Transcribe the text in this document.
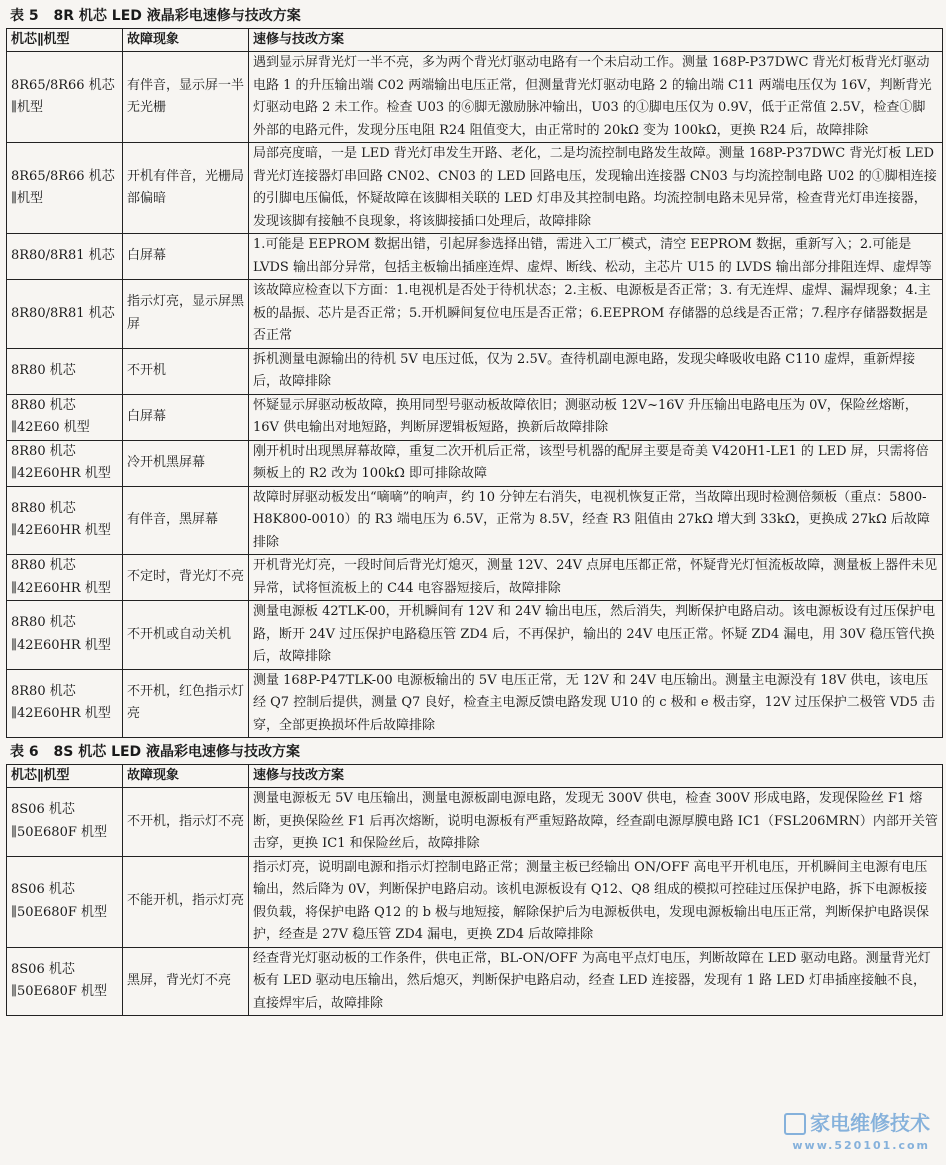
表 5 8R 机芯 LED 液晶彩电速修与技改方案
机芯∥机型	故障现象	速修与技改方案
8R65/8R66 机芯∥机型	有伴音，显示屏一半无光栅	遇到显示屏背光灯一半不亮，多为两个背光灯驱动电路有一个未启动工作。测量 168P-P37DWC 背光灯板背光灯驱动电路 1 的升压输出端 C02 两端输出电压正常，但测量背光灯驱动电路 2 的输出端 C11 两端电压仅为 16V，判断背光灯驱动电路 2 未工作。检查 U03 的⑥脚无激励脉冲输出，U03 的①脚电压仅为 0.9V，低于正常值 2.5V，检查①脚外部的电路元件，发现分压电阻 R24 阻值变大，由正常时的 20kΩ 变为 100kΩ，更换 R24 后，故障排除
8R65/8R66 机芯∥机型	开机有伴音，光栅局部偏暗	局部亮度暗，一是 LED 背光灯串发生开路、老化，二是均流控制电路发生故障。测量 168P-P37DWC 背光灯板 LED 背光灯连接器灯串回路 CN02、CN03 的 LED 回路电压，发现输出连接器 CN03 与均流控制电路 U02 的①脚相连接的引脚电压偏低，怀疑故障在该脚相关联的 LED 灯串及其控制电路。均流控制电路未见异常，检查背光灯串连接器，发现该脚有接触不良现象，将该脚接插口处理后，故障排除
8R80/8R81 机芯	白屏幕	1.可能是 EEPROM 数据出错，引起屏参选择出错，需进入工厂模式，清空 EEPROM 数据，重新写入；2.可能是 LVDS 输出部分异常，包括主板输出插座连焊、虚焊、断线、松动，主芯片 U15 的 LVDS 输出部分排阻连焊、虚焊等
8R80/8R81 机芯	指示灯亮，显示屏黑屏	该故障应检查以下方面：1.电视机是否处于待机状态；2.主板、电源板是否正常；3. 有无连焊、虚焊、漏焊现象；4.主板的晶振、芯片是否正常；5.开机瞬间复位电压是否正常；6.EEPROM 存储器的总线是否正常；7.程序存储器数据是否正常
8R80 机芯	不开机	拆机测量电源输出的待机 5V 电压过低，仅为 2.5V。查待机副电源电路，发现尖峰吸收电路 C110 虚焊，重新焊接后，故障排除
8R80 机芯∥42E60 机型	白屏幕	怀疑显示屏驱动板故障，换用同型号驱动板故障依旧；测驱动板 12V~16V 升压输出电路电压为 0V，保险丝熔断，16V 供电输出对地短路，判断屏逻辑板短路，换新后故障排除
8R80 机芯∥42E60HR 机型	冷开机黑屏幕	刚开机时出现黑屏幕故障，重复二次开机后正常，该型号机器的配屏主要是奇美 V420H1-LE1 的 LED 屏，只需将倍频板上的 R2 改为 100kΩ 即可排除故障
8R80 机芯∥42E60HR 机型	有伴音，黑屏幕	故障时屏驱动板发出“嘀嘀”的响声，约 10 分钟左右消失，电视机恢复正常，当故障出现时检测倍频板（重点：5800-H8K800-0010）的 R3 端电压为 6.5V，正常为 8.5V，经查 R3 阻值由 27kΩ 增大到 33kΩ，更换成 27kΩ 后故障排除
8R80 机芯∥42E60HR 机型	不定时，背光灯不亮	开机背光灯亮，一段时间后背光灯熄灭，测量 12V、24V 点屏电压都正常，怀疑背光灯恒流板故障，测量板上器件未见异常，试将恒流板上的 C44 电容器短接后，故障排除
8R80 机芯∥42E60HR 机型	不开机或自动关机	测量电源板 42TLK-00，开机瞬间有 12V 和 24V 输出电压，然后消失，判断保护电路启动。该电源板设有过压保护电路，断开 24V 过压保护电路稳压管 ZD4 后，不再保护，输出的 24V 电压正常。怀疑 ZD4 漏电，用 30V 稳压管代换后，故障排除
8R80 机芯∥42E60HR 机型	不开机，红色指示灯亮	测量 168P-P47TLK-00 电源板输出的 5V 电压正常，无 12V 和 24V 电压输出。测量主电源没有 18V 供电，该电压经 Q7 控制后提供，测量 Q7 良好，检查主电源反馈电路发现 U10 的 c 极和 e 极击穿，12V 过压保护二极管 VD5 击穿，全部更换损坏件后故障排除
表 6 8S 机芯 LED 液晶彩电速修与技改方案
机芯∥机型	故障现象	速修与技改方案
8S06 机芯∥50E680F 机型	不开机，指示灯不亮	测量电源板无 5V 电压输出，测量电源板副电源电路，发现无 300V 供电，检查 300V 形成电路，发现保险丝 F1 熔断，更换保险丝 F1 后再次熔断，说明电源板有严重短路故障，经查副电源厚膜电路 IC1（FSL206MRN）内部开关管击穿，更换 IC1 和保险丝后，故障排除
8S06 机芯∥50E680F 机型	不能开机，指示灯亮	指示灯亮，说明副电源和指示灯控制电路正常；测量主板已经输出 ON/OFF 高电平开机电压，开机瞬间主电源有电压输出，然后降为 0V，判断保护电路启动。该机电源板设有 Q12、Q8 组成的模拟可控硅过压保护电路，拆下电源板接假负载，将保护电路 Q12 的 b 极与地短接，解除保护后为电源板供电，发现电源板输出电压正常，判断保护电路误保护，经查是 27V 稳压管 ZD4 漏电，更换 ZD4 后故障排除
8S06 机芯∥50E680F 机型	黑屏，背光灯不亮	经查背光灯驱动板的工作条件，供电正常，BL-ON/OFF 为高电平点灯电压，判断故障在 LED 驱动电路。测量背光灯板有 LED 驱动电压输出，然后熄灭，判断保护电路启动，经查 LED 连接器，发现有 1 路 LED 灯串插座接触不良，直接焊牢后，故障排除
家电维修技术
www.520101.com
